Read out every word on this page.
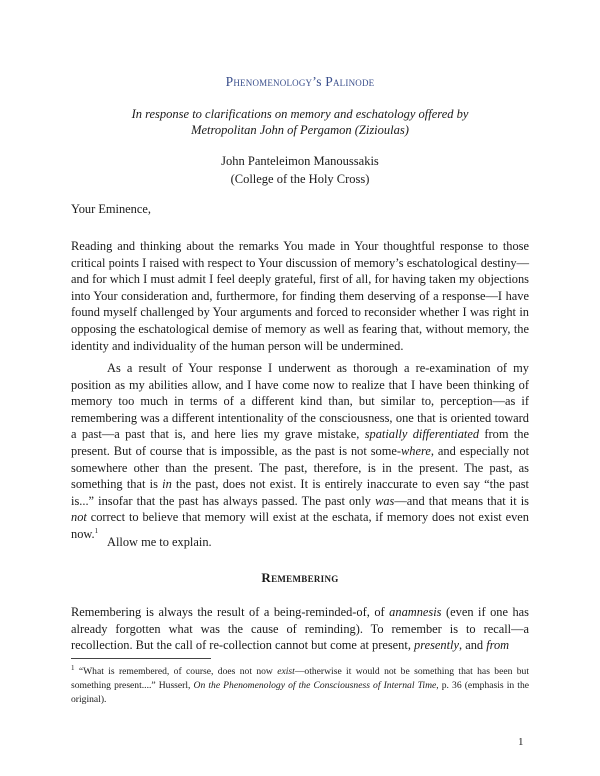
Phenomenology’s Palinode
In response to clarifications on memory and eschatology offered by
Metropolitan John of Pergamon (Zizioulas)
John Panteleimon Manoussakis
(College of the Holy Cross)
Your Eminence,
Reading and thinking about the remarks You made in Your thoughtful response to those critical points I raised with respect to Your discussion of memory’s eschatological destiny—and for which I must admit I feel deeply grateful, first of all, for having taken my objections into Your consideration and, furthermore, for finding them deserving of a response—I have found myself challenged by Your arguments and forced to reconsider whether I was right in opposing the eschatological demise of memory as well as fearing that, without memory, the identity and individuality of the human person will be undermined.
As a result of Your response I underwent as thorough a re-examination of my position as my abilities allow, and I have come now to realize that I have been thinking of memory too much in terms of a different kind than, but similar to, perception—as if remembering was a different intentionality of the consciousness, one that is oriented toward a past—a past that is, and here lies my grave mistake, spatially differentiated from the present. But of course that is impossible, as the past is not some-where, and especially not somewhere other than the present. The past, therefore, is in the present. The past, as something that is in the past, does not exist. It is entirely inaccurate to even say “the past is...” insofar that the past has always passed. The past only was—and that means that it is not correct to believe that memory will exist at the eschata, if memory does not exist even now.$^1$
Allow me to explain.
Remembering
Remembering is always the result of a being-reminded-of, of anamnesis (even if one has already forgotten what was the cause of reminding). To remember is to recall—a recollection. But the call of re-collection cannot but come at present, presently, and from
$^1$ “What is remembered, of course, does not now exist—otherwise it would not be something that has been but something present....” Husserl, On the Phenomenology of the Consciousness of Internal Time, p. 36 (emphasis in the original).
1
